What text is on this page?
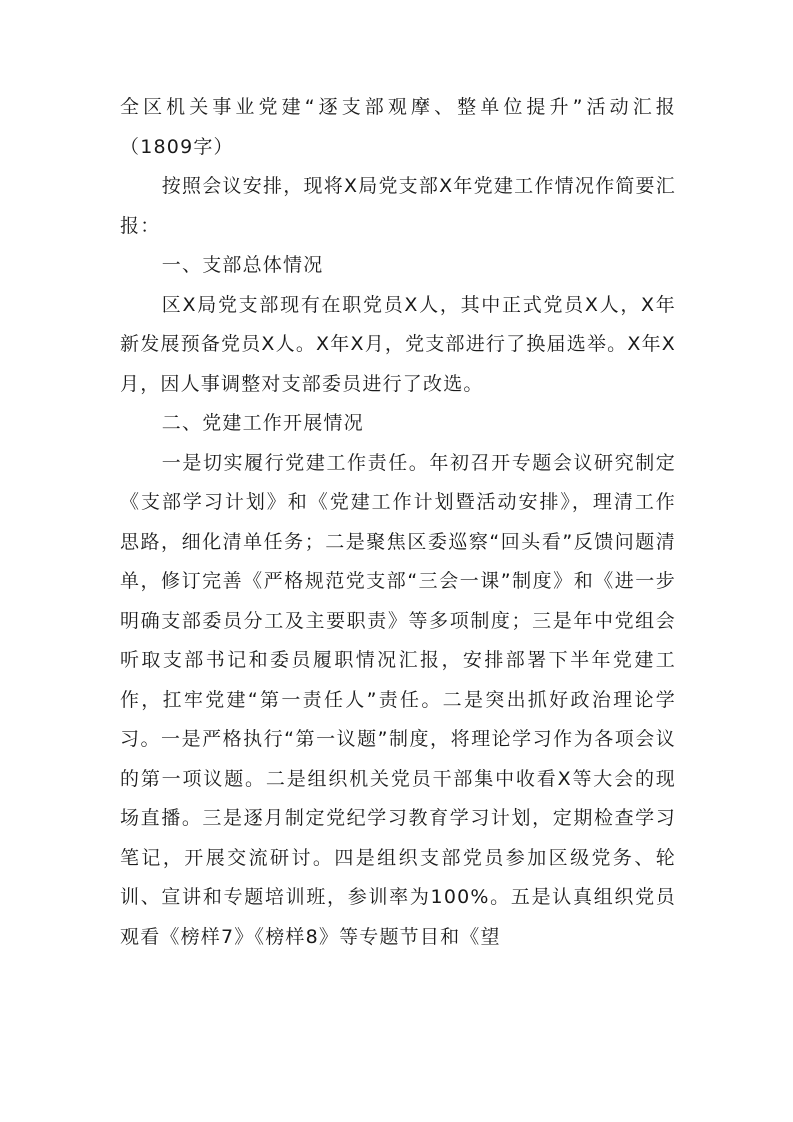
全区机关事业党建“逐支部观摩、整单位提升”活动汇报（1809字）

按照会议安排，现将X局党支部X年党建工作情况作简要汇报：

一、支部总体情况

区X局党支部现有在职党员X人，其中正式党员X人，X年新发展预备党员X人。X年X月，党支部进行了换届选举。X年X月，因人事调整对支部委员进行了改选。

二、党建工作开展情况

一是切实履行党建工作责任。年初召开专题会议研究制定《支部学习计划》和《党建工作计划暨活动安排》，理清工作思路，细化清单任务；二是聚焦区委巡察“回头看”反馈问题清单，修订完善《严格规范党支部“三会一课”制度》和《进一步明确支部委员分工及主要职责》等多项制度；三是年中党组会听取支部书记和委员履职情况汇报，安排部署下半年党建工作，扛牢党建“第一责任人”责任。二是突出抓好政治理论学习。一是严格执行“第一议题”制度，将理论学习作为各项会议的第一项议题。二是组织机关党员干部集中收看X等大会的现场直播。三是逐月制定党纪学习教育学习计划，定期检查学习笔记，开展交流研讨。四是组织支部党员参加区级党务、轮训、宣讲和专题培训班，参训率为100%。五是认真组织党员观看《榜样7》《榜样8》等专题节目和《望
